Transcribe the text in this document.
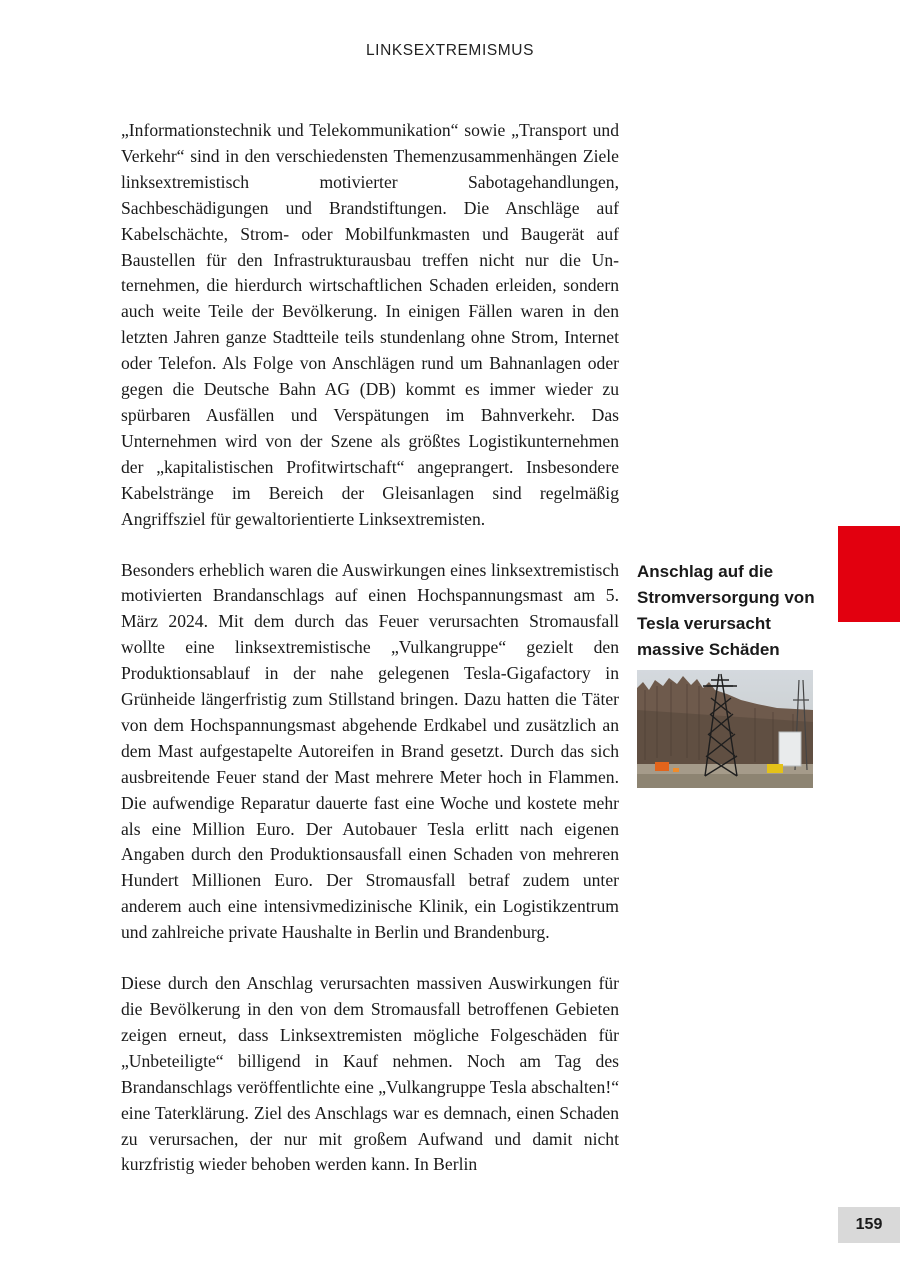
LINKSEXTREMISMUS

„Informationstechnik und Telekommunikation“ sowie „Transport und Verkehr“ sind in den verschiedensten Themenzusammenhängen Ziele linksextremistisch motivierter Sabotagehandlungen, Sachbeschädigungen und Brandstiftungen. Die Anschläge auf Kabelschächte, Strom- oder Mobilfunkmasten und Baugerät auf Baustellen für den Infrastrukturausbau treffen nicht nur die Unternehmen, die hierdurch wirtschaftlichen Schaden erleiden, sondern auch weite Teile der Bevölkerung. In einigen Fällen waren in den letzten Jahren ganze Stadtteile teils stundenlang ohne Strom, Internet oder Telefon. Als Folge von Anschlägen rund um Bahnanlagen oder gegen die Deutsche Bahn AG (DB) kommt es immer wieder zu spürbaren Ausfällen und Verspätungen im Bahnverkehr. Das Unternehmen wird von der Szene als größtes Logistikunternehmen der „kapitalistischen Profitwirtschaft“ angeprangert. Insbesondere Kabelstränge im Bereich der Gleisanlagen sind regelmäßig Angriffsziel für gewaltorientierte Linksextremisten.

Besonders erheblich waren die Auswirkungen eines linksextremistisch motivierten Brandanschlags auf einen Hochspannungsmast am 5. März 2024. Mit dem durch das Feuer verursachten Stromausfall wollte eine linksextremistische „Vulkangruppe“ gezielt den Produktionsablauf in der nahe gelegenen Tesla-Gigafactory in Grünheide längerfristig zum Stillstand bringen. Dazu hatten die Täter von dem Hochspannungsmast abgehende Erdkabel und zusätzlich an dem Mast aufgestapelte Autoreifen in Brand gesetzt. Durch das sich ausbreitende Feuer stand der Mast mehrere Meter hoch in Flammen. Die aufwendige Reparatur dauerte fast eine Woche und kostete mehr als eine Million Euro. Der Autobauer Tesla erlitt nach eigenen Angaben durch den Produktionsausfall einen Schaden von mehreren Hundert Millionen Euro. Der Stromausfall betraf zudem unter anderem auch eine intensivmedizinische Klinik, ein Logistikzentrum und zahlreiche private Haushalte in Berlin und Brandenburg.

Diese durch den Anschlag verursachten massiven Auswirkungen für die Bevölkerung in den von dem Stromausfall betroffenen Gebieten zeigen erneut, dass Linksextremisten mögliche Folgeschäden für „Unbeteiligte“ billigend in Kauf nehmen. Noch am Tag des Brandanschlags veröffentlichte eine „Vulkangruppe Tesla abschalten!“ eine Taterklärung. Ziel des Anschlags war es demnach, einen Schaden zu verursachen, der nur mit großem Aufwand und damit nicht kurzfristig wieder behoben werden kann. In Berlin

Anschlag auf die Stromversorgung von Tesla verursacht massive Schäden
159
